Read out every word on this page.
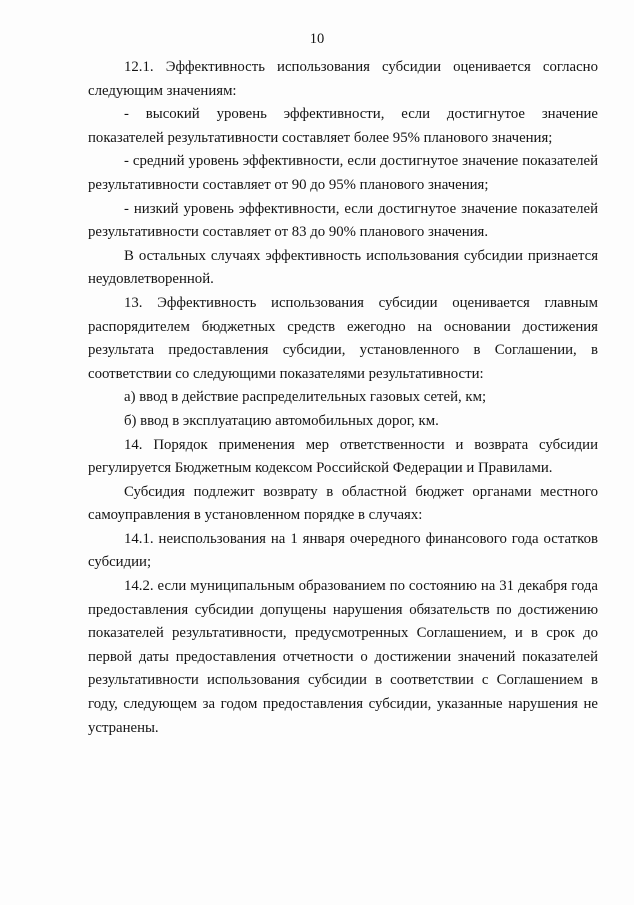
10

12.1. Эффективность использования субсидии оценивается согласно следующим значениям:

- высокий уровень эффективности, если достигнутое значение показателей результативности составляет более 95% планового значения;

- средний уровень эффективности, если достигнутое значение показателей результативности составляет от 90 до 95% планового значения;

- низкий уровень эффективности, если достигнутое значение показателей результативности составляет от 83 до 90% планового значения.

В остальных случаях эффективность использования субсидии признается неудовлетворенной.

13. Эффективность использования субсидии оценивается главным распорядителем бюджетных средств ежегодно на основании достижения результата предоставления субсидии, установленного в Соглашении, в соответствии со следующими показателями результативности:

а) ввод в действие распределительных газовых сетей, км;

б) ввод в эксплуатацию автомобильных дорог, км.

14. Порядок применения мер ответственности и возврата субсидии регулируется Бюджетным кодексом Российской Федерации и Правилами.

Субсидия подлежит возврату в областной бюджет органами местного самоуправления в установленном порядке в случаях:

14.1. неиспользования на 1 января очередного финансового года остатков субсидии;

14.2. если муниципальным образованием по состоянию на 31 декабря года предоставления субсидии допущены нарушения обязательств по достижению показателей результативности, предусмотренных Соглашением, и в срок до первой даты предоставления отчетности о достижении значений показателей результативности использования субсидии в соответствии с Соглашением в году, следующем за годом предоставления субсидии, указанные нарушения не устранены.
